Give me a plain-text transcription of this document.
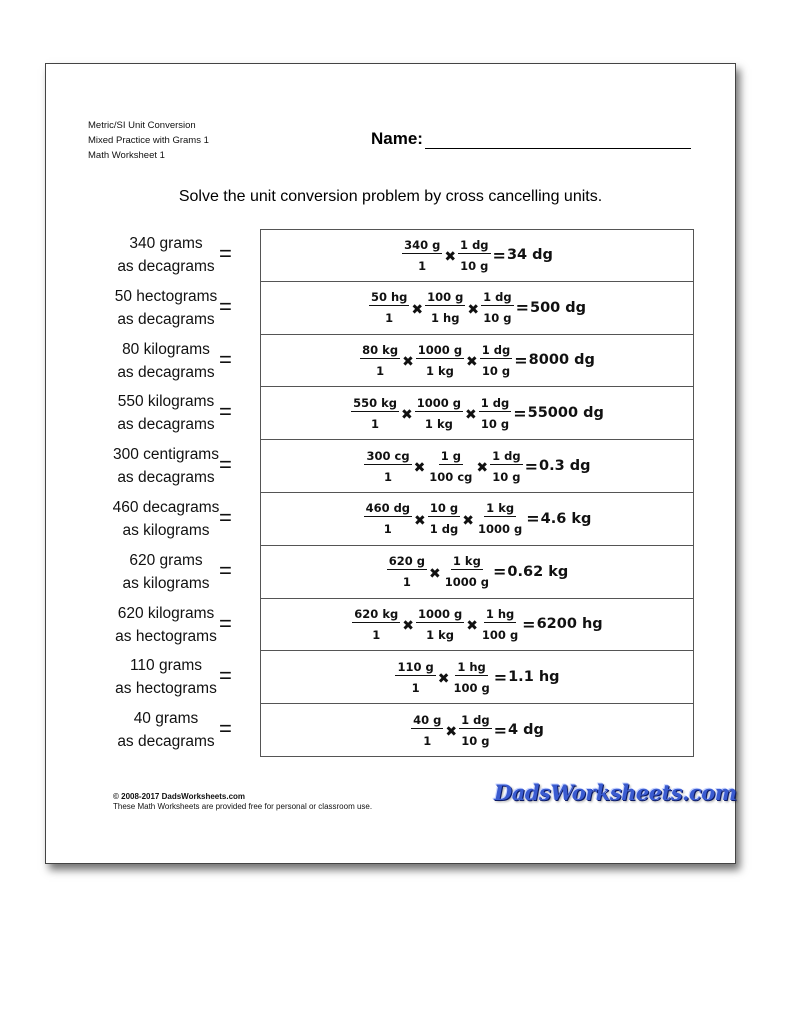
Metric/SI Unit Conversion
Mixed Practice with Grams 1
Math Worksheet 1
Name:
Solve the unit conversion problem by cross cancelling units.
340 grams
as decagrams
=	$\frac{340 g}{1}$ ✖ $\frac{1 dg}{10 g} = 34$ dg
50 hectograms
as decagrams
=	$\frac{50 hg}{1}$ ✖ $\frac{100 g}{1 hg}$ ✖ $\frac{1 dg}{10 g} = 500$ dg
80 kilograms
as decagrams
=	$\frac{80 kg}{1}$ ✖ $\frac{1000 g}{1 kg}$ ✖ $\frac{1 dg}{10 g} = 8000$ dg
550 kilograms
as decagrams
=	$\frac{550 kg}{1}$ ✖ $\frac{1000 g}{1 kg}$ ✖ $\frac{1 dg}{10 g} = 55000$ dg
300 centigrams
as decagrams
=	$\frac{300 cg}{1}$ ✖ $\frac{1 g}{100 cg}$ ✖ $\frac{1 dg}{10 g} = 0.3$ dg
460 decagrams
as kilograms
=	$\frac{460 dg}{1}$ ✖ $\frac{10 g}{1 dg}$ ✖ $\frac{1 kg}{1000 g} = 4.6$ kg
620 grams
as kilograms
=	$\frac{620 g}{1}$ ✖ $\frac{1 kg}{1000 g} = 0.62$ kg
620 kilograms
as hectograms
=	$\frac{620 kg}{1}$ ✖ $\frac{1000 g}{1 kg}$ ✖ $\frac{1 hg}{100 g} = 6200$ hg
110 grams
as hectograms
=	$\frac{110 g}{1}$ ✖ $\frac{1 hg}{100 g} = 1.1$ hg
40 grams
as decagrams
=	$\frac{40 g}{1}$ ✖ $\frac{1 dg}{10 g} = 4$ dg
© 2008-2017 DadsWorksheets.com
These Math Worksheets are provided free for personal or classroom use.
DadsWorksheets.com
